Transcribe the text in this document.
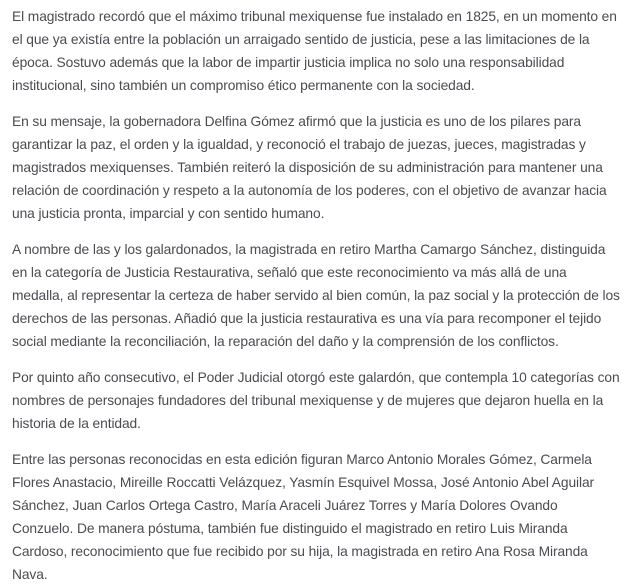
El magistrado recordó que el máximo tribunal mexiquense fue instalado en 1825, en un momento en el que ya existía entre la población un arraigado sentido de justicia, pese a las limitaciones de la época. Sostuvo además que la labor de impartir justicia implica no solo una responsabilidad institucional, sino también un compromiso ético permanente con la sociedad.

En su mensaje, la gobernadora Delfina Gómez afirmó que la justicia es uno de los pilares para garantizar la paz, el orden y la igualdad, y reconoció el trabajo de juezas, jueces, magistradas y magistrados mexiquenses. También reiteró la disposición de su administración para mantener una relación de coordinación y respeto a la autonomía de los poderes, con el objetivo de avanzar hacia una justicia pronta, imparcial y con sentido humano.

A nombre de las y los galardonados, la magistrada en retiro Martha Camargo Sánchez, distinguida en la categoría de Justicia Restaurativa, señaló que este reconocimiento va más allá de una medalla, al representar la certeza de haber servido al bien común, la paz social y la protección de los derechos de las personas. Añadió que la justicia restaurativa es una vía para recomponer el tejido social mediante la reconciliación, la reparación del daño y la comprensión de los conflictos.

Por quinto año consecutivo, el Poder Judicial otorgó este galardón, que contempla 10 categorías con nombres de personajes fundadores del tribunal mexiquense y de mujeres que dejaron huella en la historia de la entidad.

Entre las personas reconocidas en esta edición figuran Marco Antonio Morales Gómez, Carmela Flores Anastacio, Mireille Roccatti Velázquez, Yasmín Esquivel Mossa, José Antonio Abel Aguilar Sánchez, Juan Carlos Ortega Castro, María Araceli Juárez Torres y María Dolores Ovando Conzuelo. De manera póstuma, también fue distinguido el magistrado en retiro Luis Miranda Cardoso, reconocimiento que fue recibido por su hija, la magistrada en retiro Ana Rosa Miranda Nava.
